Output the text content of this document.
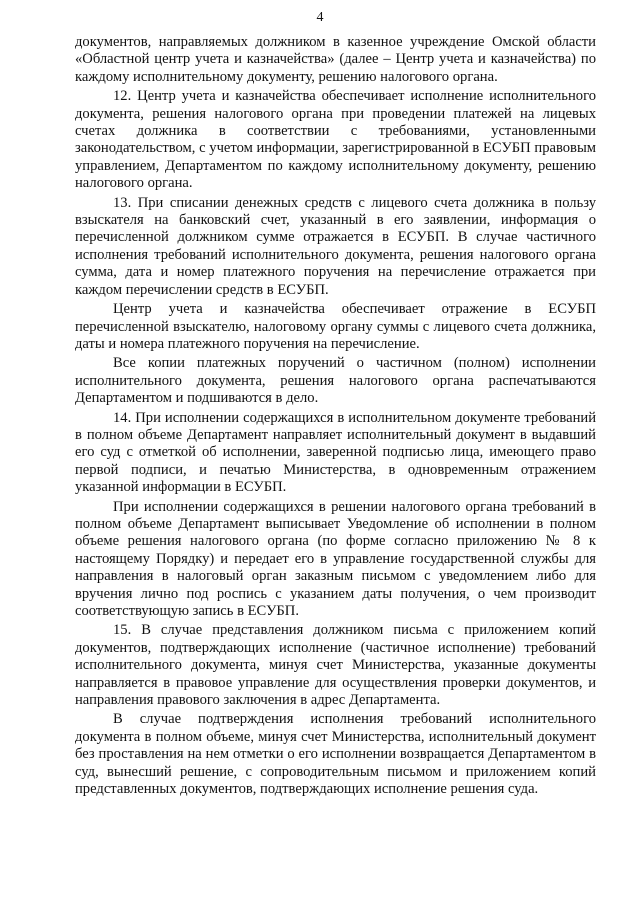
4

документов, направляемых должником в казенное учреждение Омской области «Областной центр учета и казначейства» (далее – Центр учета и казначейства) по каждому исполнительному документу, решению налогового органа.

12. Центр учета и казначейства обеспечивает исполнение исполнительного документа, решения налогового органа при проведении платежей на лицевых счетах должника в соответствии с требованиями, установленными законодательством, с учетом информации, зарегистрированной в ЕСУБП правовым управлением, Департаментом по каждому исполнительному документу, решению налогового органа.

13. При списании денежных средств с лицевого счета должника в пользу взыскателя на банковский счет, указанный в его заявлении, информация о перечисленной должником сумме отражается в ЕСУБП. В случае частичного исполнения требований исполнительного документа, решения налогового органа сумма, дата и номер платежного поручения на перечисление отражается при каждом перечислении средств в ЕСУБП.

Центр учета и казначейства обеспечивает отражение в ЕСУБП перечисленной взыскателю, налоговому органу суммы с лицевого счета должника, даты и номера платежного поручения на перечисление.

Все копии платежных поручений о частичном (полном) исполнении исполнительного документа, решения налогового органа распечатываются Департаментом и подшиваются в дело.

14. При исполнении содержащихся в исполнительном документе требований в полном объеме Департамент направляет исполнительный документ в выдавший его суд с отметкой об исполнении, заверенной подписью лица, имеющего право первой подписи, и печатью Министерства, в одновременным отражением указанной информации в ЕСУБП.

При исполнении содержащихся в решении налогового органа требований в полном объеме Департамент выписывает Уведомление об исполнении в полном объеме решения налогового органа (по форме согласно приложению № 8 к настоящему Порядку) и передает его в управление государственной службы для направления в налоговый орган заказным письмом с уведомлением либо для вручения лично под роспись с указанием даты получения, о чем производит соответствующую запись в ЕСУБП.

15. В случае представления должником письма с приложением копий документов, подтверждающих исполнение (частичное исполнение) требований исполнительного документа, минуя счет Министерства, указанные документы направляется в правовое управление для осуществления проверки документов, и направления правового заключения в адрес Департамента.

В случае подтверждения исполнения требований исполнительного документа в полном объеме, минуя счет Министерства, исполнительный документ без проставления на нем отметки о его исполнении возвращается Департаментом в суд, вынесший решение, с сопроводительным письмом и приложением копий представленных документов, подтверждающих исполнение решения суда.
